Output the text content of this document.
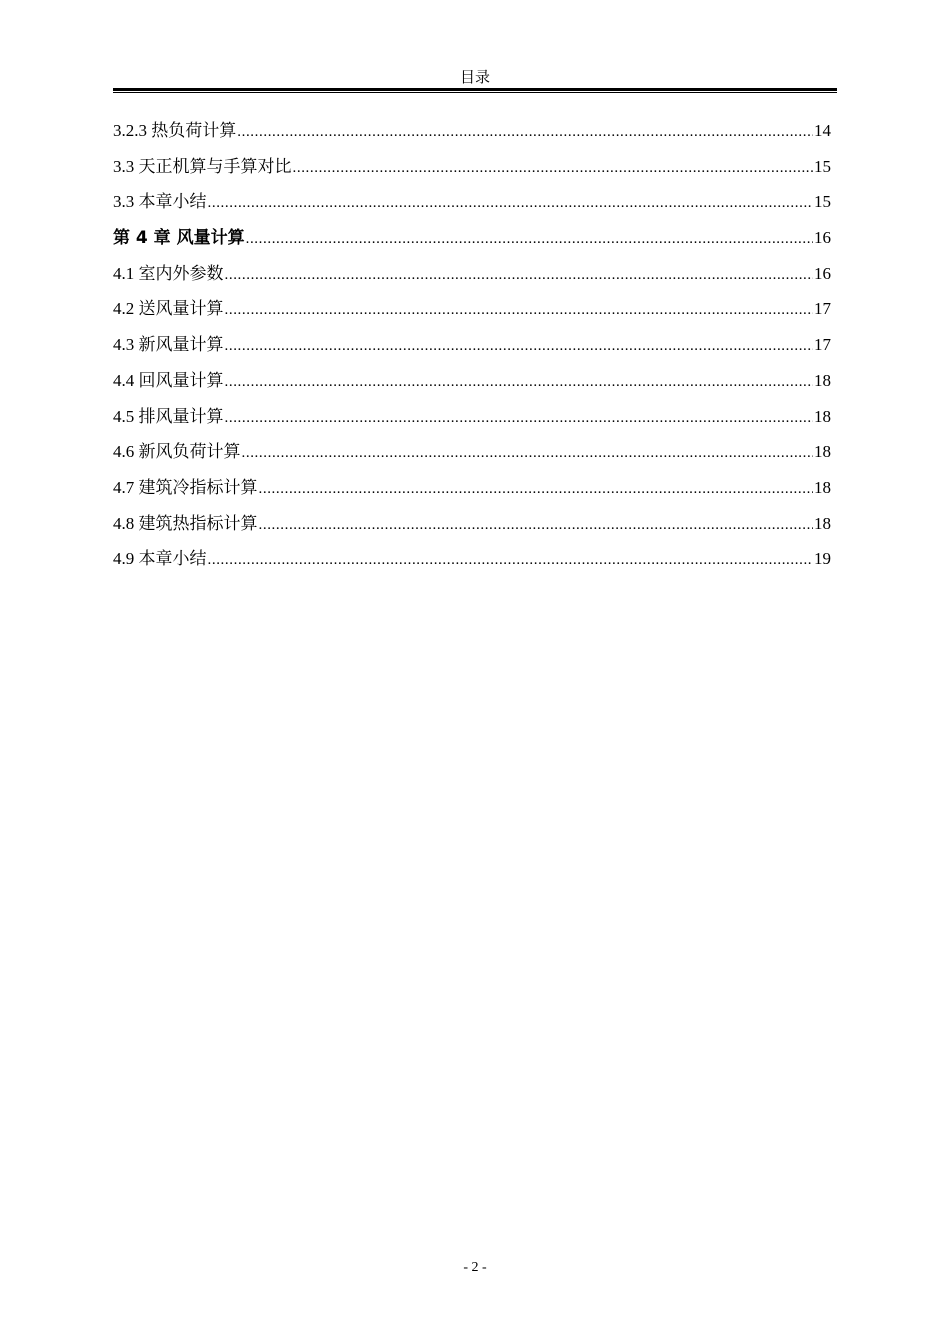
目录
3.2.3 热负荷计算 .....	14
3.3 天正机算与手算对比 .....	15
3.3 本章小结 .....	15
第 4 章 风量计算 .....	16
4.1 室内外参数 .....	16
4.2 送风量计算 .....	17
4.3 新风量计算 .....	17
4.4 回风量计算 .....	18
4.5 排风量计算 .....	18
4.6 新风负荷计算 .....	18
4.7 建筑冷指标计算 .....	18
4.8 建筑热指标计算 .....	18
4.9 本章小结 .....	19
- 2 -
